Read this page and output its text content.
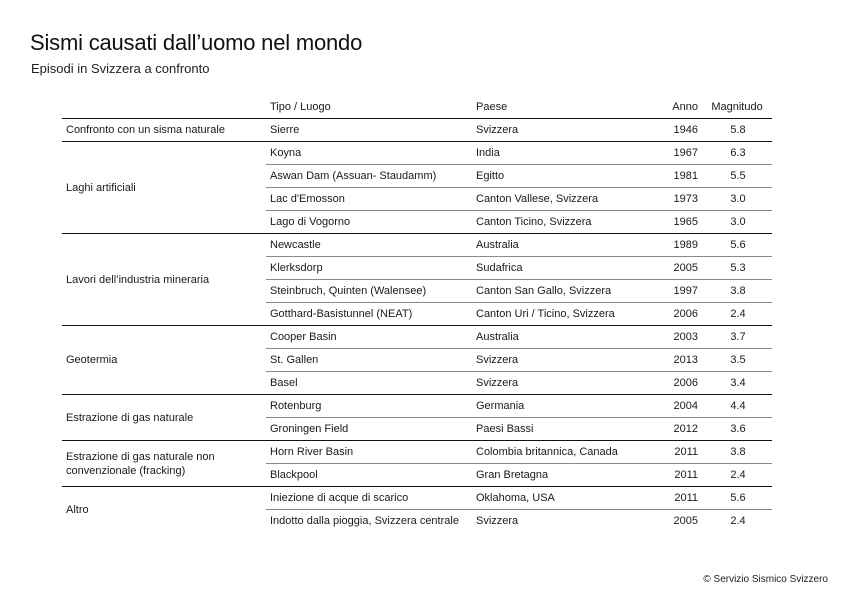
Sismi causati dall’uomo nel mondo
Episodi in Svizzera a confronto
	Tipo / Luogo	Paese	Anno	Magnitudo

Confronto con un sisma naturale	Sierre	Svizzera	1946	5.8

Laghi artificiali	Koyna	India	1967	6.3
	Aswan Dam (Assuan- Staudamm)	Egitto	1981	5.5
	Lac d'Emosson	Canton Vallese, Svizzera	1973	3.0
	Lago di Vogorno	Canton Ticino, Svizzera	1965	3.0

Lavori dell’industria mineraria	Newcastle	Australia	1989	5.6
	Klerksdorp	Sudafrica	2005	5.3
	Steinbruch, Quinten (Walensee)	Canton San Gallo, Svizzera	1997	3.8
	Gotthard-Basistunnel (NEAT)	Canton Uri / Ticino, Svizzera	2006	2.4

Geotermia	Cooper Basin	Australia	2003	3.7
	St. Gallen	Svizzera	2013	3.5
	Basel	Svizzera	2006	3.4

Estrazione di gas naturale	Rotenburg	Germania	2004	4.4
	Groningen Field	Paesi Bassi	2012	3.6

Estrazione di gas naturale non
convenzionale (fracking)	Horn River Basin	Colombia britannica, Canada	2011	3.8
	Blackpool	Gran Bretagna	2011	2.4

Altro	Iniezione di acque di scarico	Oklahoma, USA	2011	5.6
	Indotto dalla pioggia, Svizzera centrale	Svizzera	2005	2.4
© Servizio Sismico Svizzero
